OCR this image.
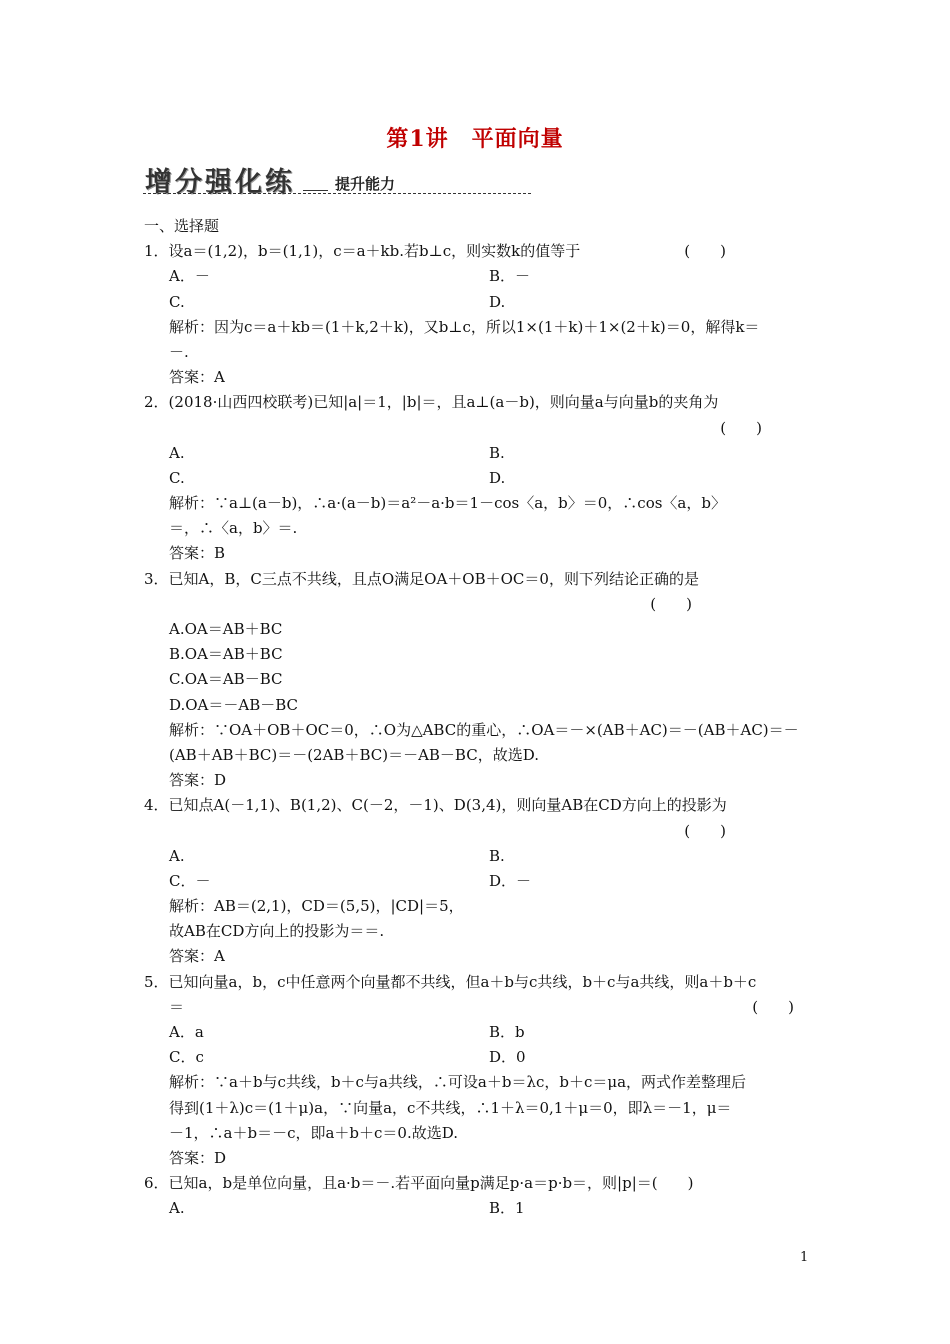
第1讲　平面向量
增分强化练	提升能力
一、选择题
1．设a＝(1,2)，b＝(1,1)，c＝a＋kb.若b⊥c，则实数k的值等于	(　　)
A．－	B．－
C.	D.
解析：因为c＝a＋kb＝(1＋k,2＋k)，又b⊥c，所以1×(1＋k)＋1×(2＋k)＝0，解得k＝
－.
答案：A
2．(2018·山西四校联考)已知|a|＝1，|b|＝，且a⊥(a－b)，则向量a与向量b的夹角为
(　　)
A.	B.
C.	D.
解析：∵a⊥(a－b)，∴a·(a－b)＝a²－a·b＝1－cos〈a，b〉＝0，∴cos〈a，b〉
＝，∴〈a，b〉＝.
答案：B
3．已知A，B，C三点不共线，且点O满足OA＋OB＋OC＝0，则下列结论正确的是
(　　)
A.OA＝AB＋BC
B.OA＝AB＋BC
C.OA＝AB－BC
D.OA＝－AB－BC
解析：∵OA＋OB＋OC＝0，∴O为△ABC的重心，∴OA＝－×(AB＋AC)＝－(AB＋AC)＝－
(AB＋AB＋BC)＝－(2AB＋BC)＝－AB－BC，故选D.
答案：D
4．已知点A(－1,1)、B(1,2)、C(－2，－1)、D(3,4)，则向量AB在CD方向上的投影为
(　　)
A.	B.
C．－	D．－
解析：AB＝(2,1)，CD＝(5,5)，|CD|＝5，
故AB在CD方向上的投影为＝＝.
答案：A
5．已知向量a，b，c中任意两个向量都不共线，但a＋b与c共线，b＋c与a共线，则a＋b＋c
＝	(　　)
A．a	B．b
C．c	D．0
解析：∵a＋b与c共线，b＋c与a共线，∴可设a＋b＝λc，b＋c＝μa，两式作差整理后
得到(1＋λ)c＝(1＋μ)a，∵向量a，c不共线，∴1＋λ＝0,1＋μ＝0，即λ＝－1，μ＝
－1，∴a＋b＝－c，即a＋b＋c＝0.故选D.
答案：D
6．已知a，b是单位向量，且a·b＝－.若平面向量p满足p·a＝p·b＝，则|p|＝(　　)
A.	B．1
1
